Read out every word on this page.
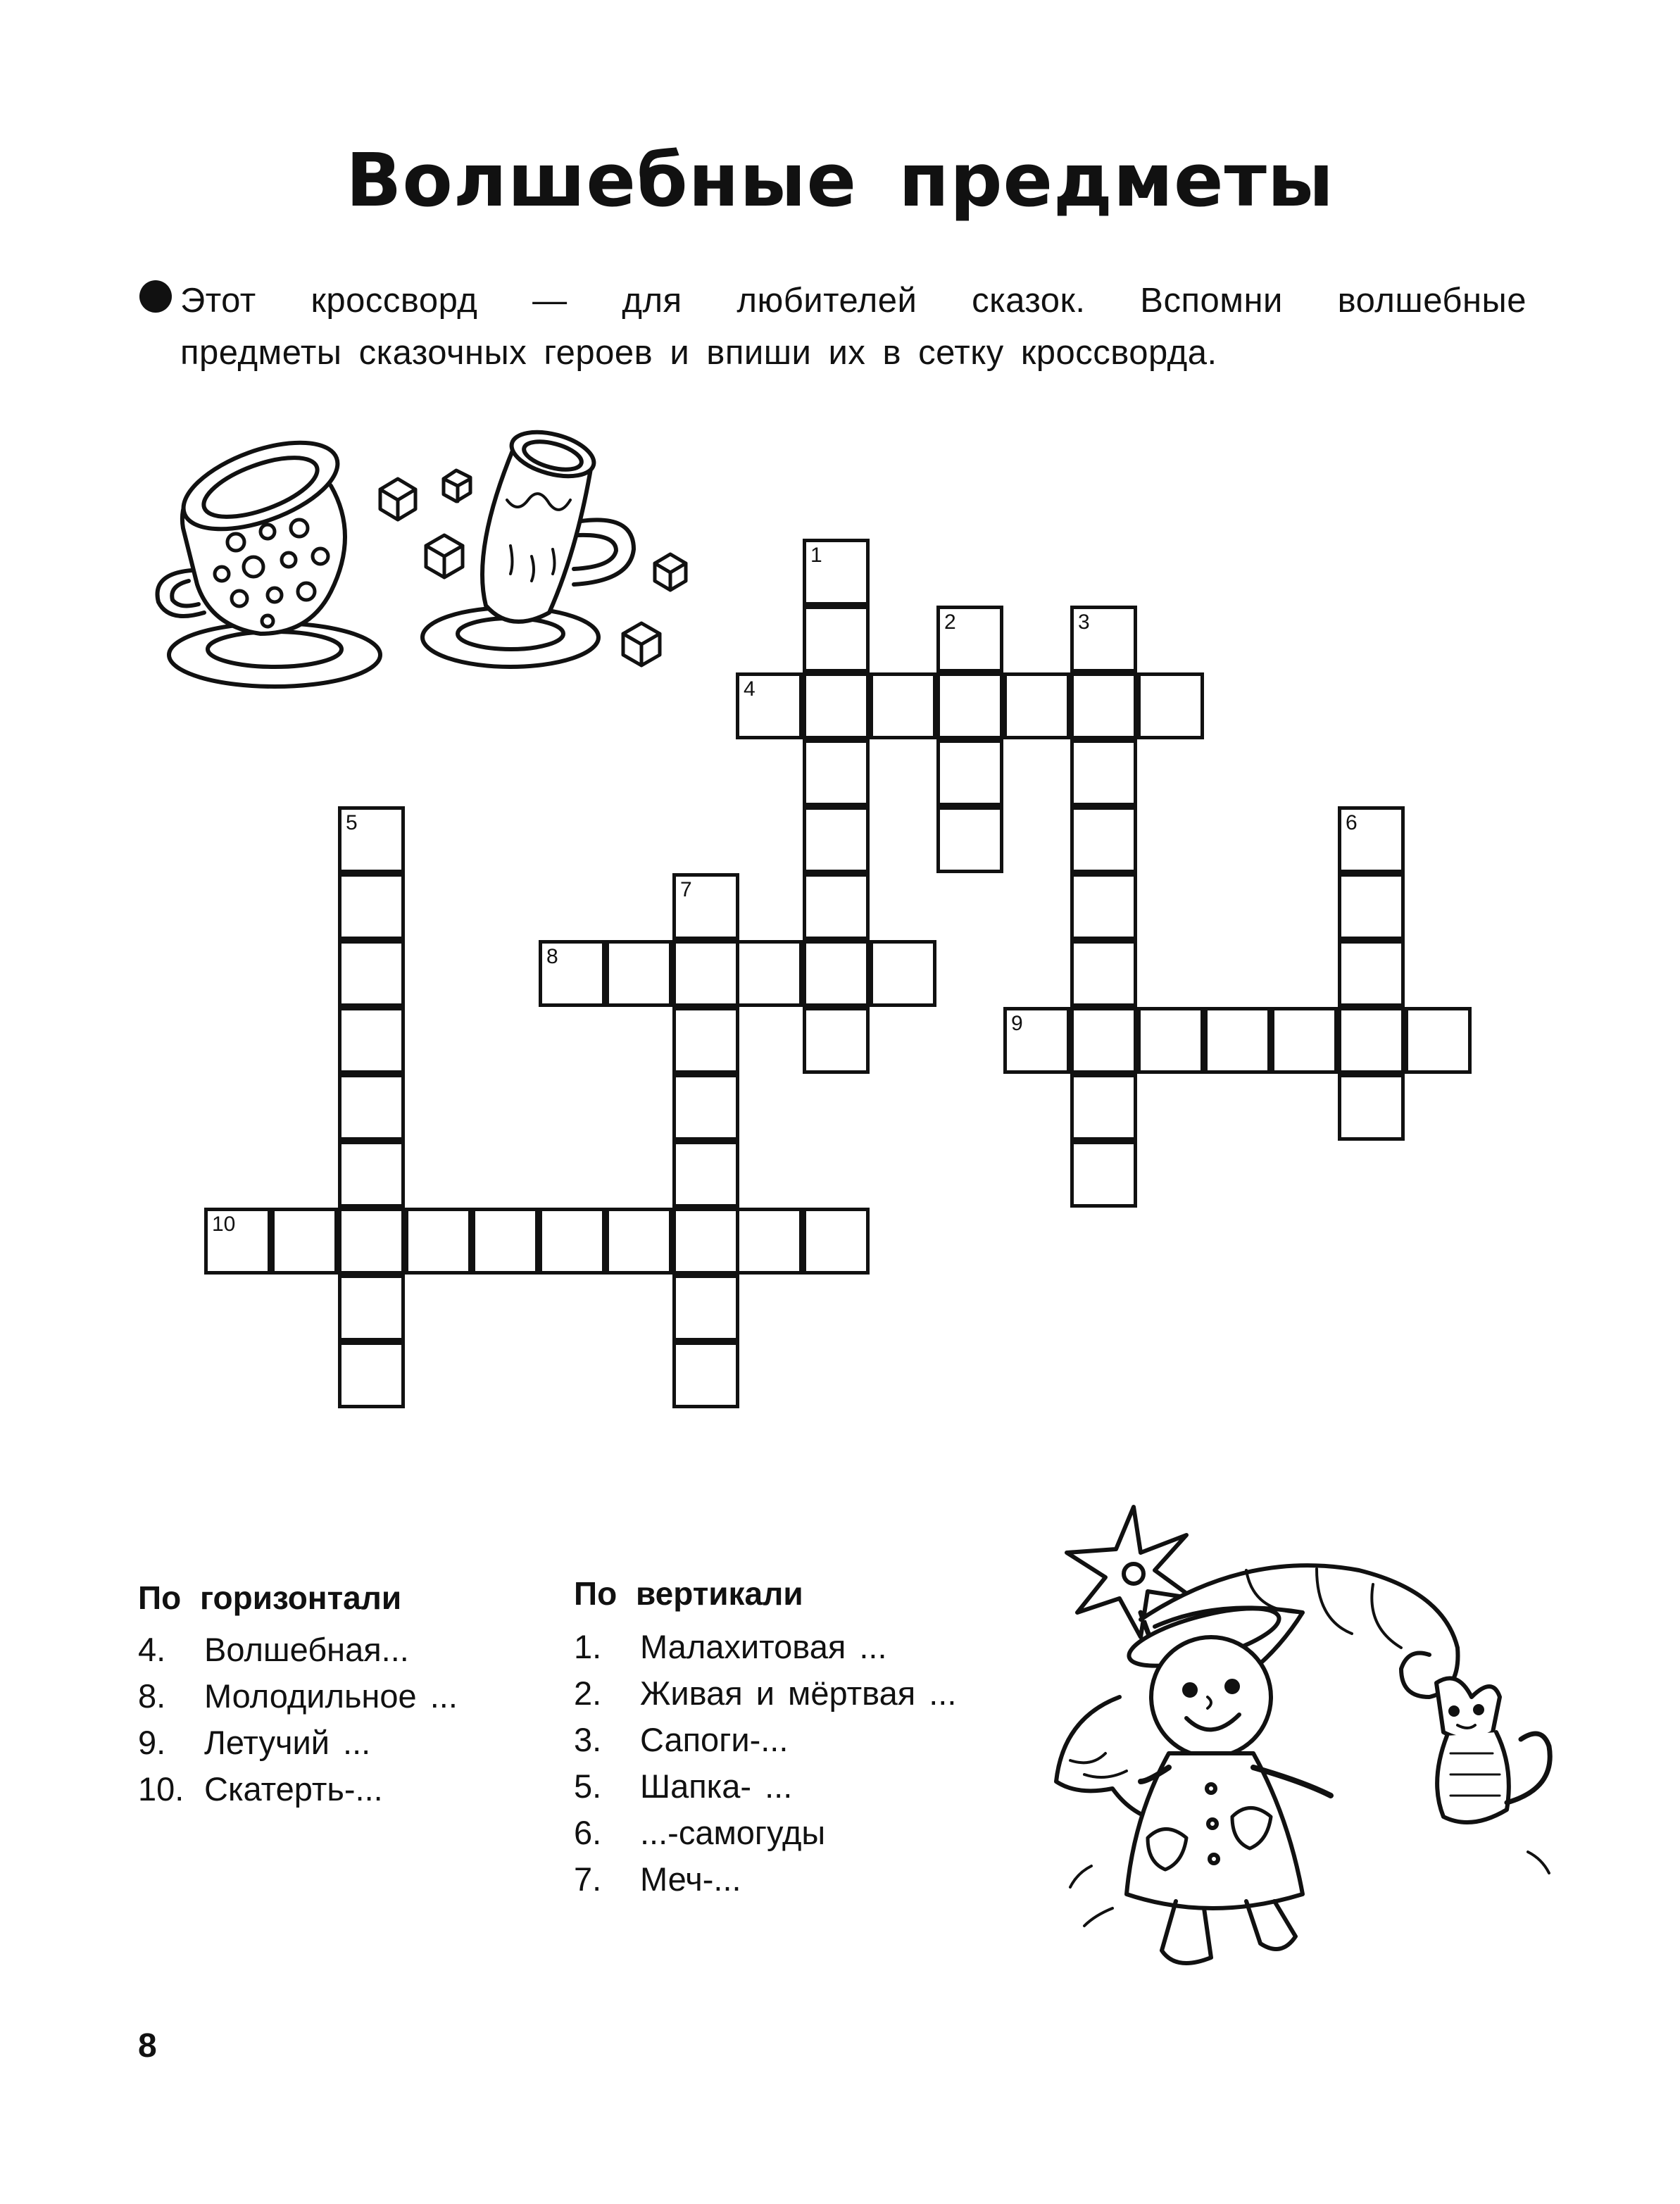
Волшебные предметы
Этот кроссворд — для любителей сказок. Вспомни волшебные
предметы сказочных героев и впиши их в сетку кроссворда.
1
2	3
4
5	6
7
8
9
10
По горизонтали	По вертикали
4. Волшебная...
8. Молодильное ...
9. Летучий ...
10. Скатерть-...
1. Малахитовая ...
2. Живая и мёртвая ...
3. Сапоги-...
5. Шапка- ...
6. ...-самогуды
7. Меч-...
8
